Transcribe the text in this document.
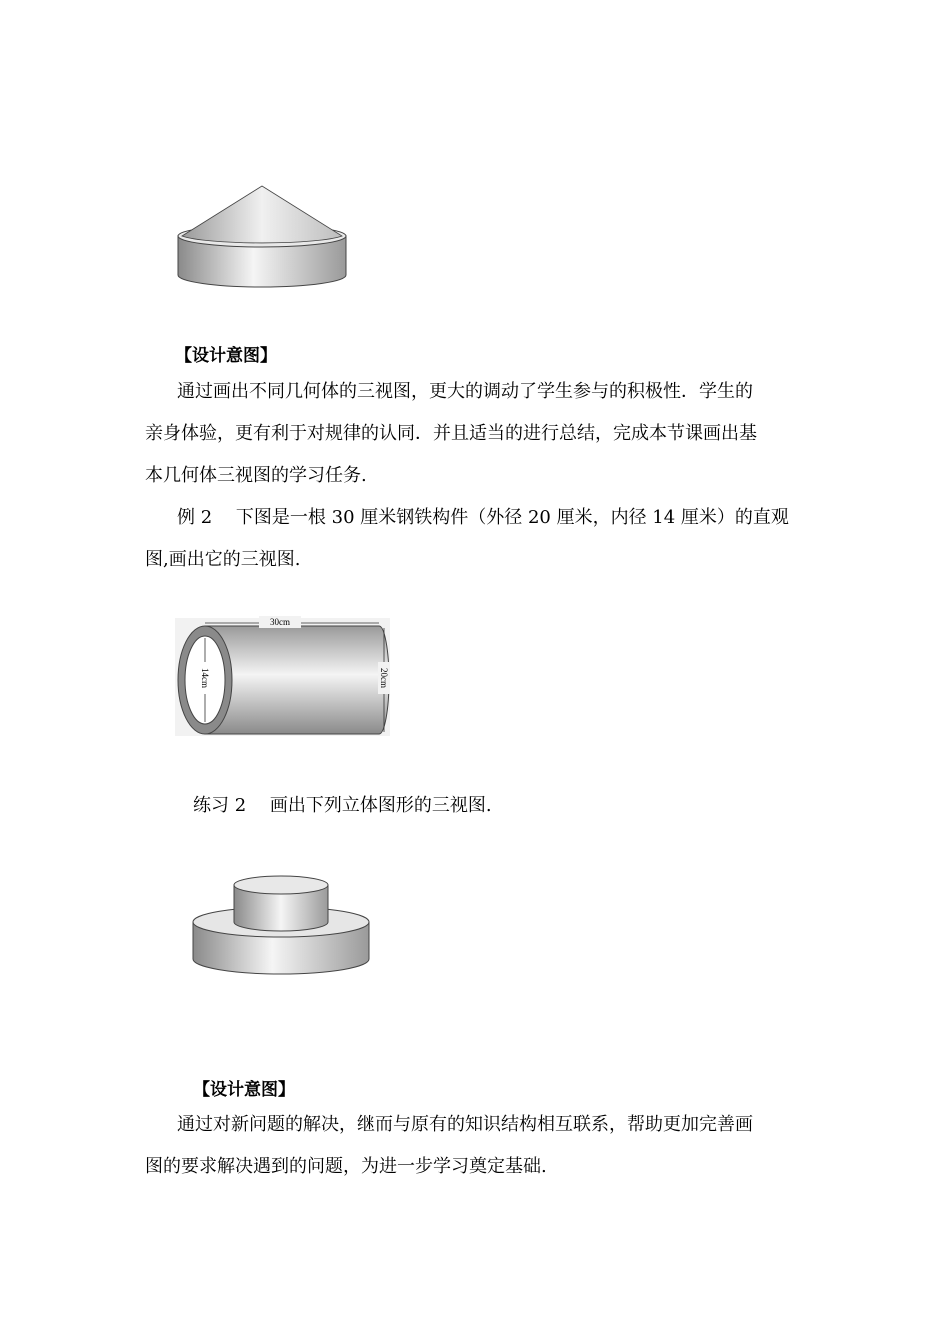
【设计意图】
通过画出不同几何体的三视图，更大的调动了学生参与的积极性．学生的
亲身体验，更有利于对规律的认同．并且适当的进行总结，完成本节课画出基
本几何体三视图的学习任务.
例 2　 下图是一根 30 厘米钢铁构件（外径 20 厘米，内径 14 厘米）的直观
图,画出它的三视图.
30cm
14cm	20cm
练习 2　 画出下列立体图形的三视图.
【设计意图】
通过对新问题的解决，继而与原有的知识结构相互联系，帮助更加完善画
图的要求解决遇到的问题，为进一步学习奠定基础.
